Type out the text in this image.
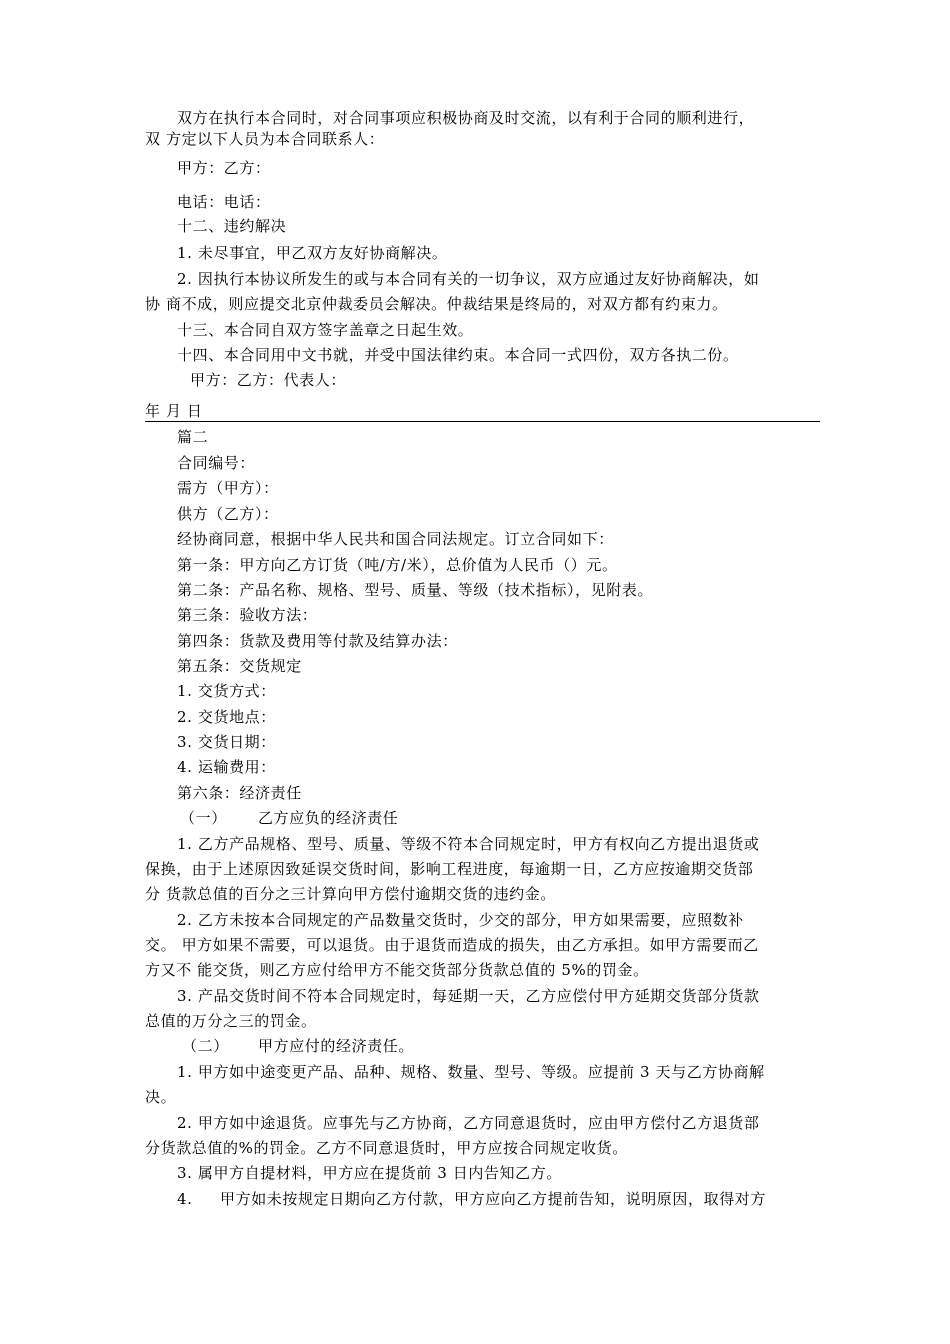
双方在执行本合同时，对合同事项应积极协商及时交流，以有利于合同的顺利进行，
双 方定以下人员为本合同联系人：
甲方：乙方：
电话：电话：
十二、违约解决
1. 未尽事宜，甲乙双方友好协商解决。
2. 因执行本协议所发生的或与本合同有关的一切争议，双方应通过友好协商解决，如
协 商不成，则应提交北京仲裁委员会解决。仲裁结果是终局的，对双方都有约束力。
十三、本合同自双方签字盖章之日起生效。
十四、本合同用中文书就，并受中国法律约束。本合同一式四份，双方各执二份。
甲方：乙方：代表人：
年 月 日
篇二
合同编号：
需方（甲方）：
供方（乙方）：
经协商同意，根据中华人民共和国合同法规定。订立合同如下：
第一条：甲方向乙方订货（吨/方/米），总价值为人民币（）元。
第二条：产品名称、规格、型号、质量、等级（技术指标），见附表。
第三条：验收方法：
第四条：货款及费用等付款及结算办法：
第五条：交货规定
1. 交货方式：
2. 交货地点：
3. 交货日期：
4. 运输费用：
第六条：经济责任
（一） 乙方应负的经济责任
1. 乙方产品规格、型号、质量、等级不符本合同规定时，甲方有权向乙方提出退货或
保换，由于上述原因致延误交货时间，影响工程进度，每逾期一日，乙方应按逾期交货部
分 货款总值的百分之三计算向甲方偿付逾期交货的违约金。
2. 乙方未按本合同规定的产品数量交货时，少交的部分，甲方如果需要，应照数补
交。 甲方如果不需要，可以退货。由于退货而造成的损失，由乙方承担。如甲方需要而乙
方又不 能交货，则乙方应付给甲方不能交货部分货款总值的 5%的罚金。
3. 产品交货时间不符本合同规定时，每延期一天，乙方应偿付甲方延期交货部分货款
总值的万分之三的罚金。
（二） 甲方应付的经济责任。
1. 甲方如中途变更产品、品种、规格、数量、型号、等级。应提前 3 天与乙方协商解
决。
2. 甲方如中途退货。应事先与乙方协商，乙方同意退货时，应由甲方偿付乙方退货部
分货款总值的%的罚金。乙方不同意退货时，甲方应按合同规定收货。
3. 属甲方自提材料，甲方应在提货前 3 日内告知乙方。
4. 甲方如未按规定日期向乙方付款，甲方应向乙方提前告知，说明原因，取得对方
